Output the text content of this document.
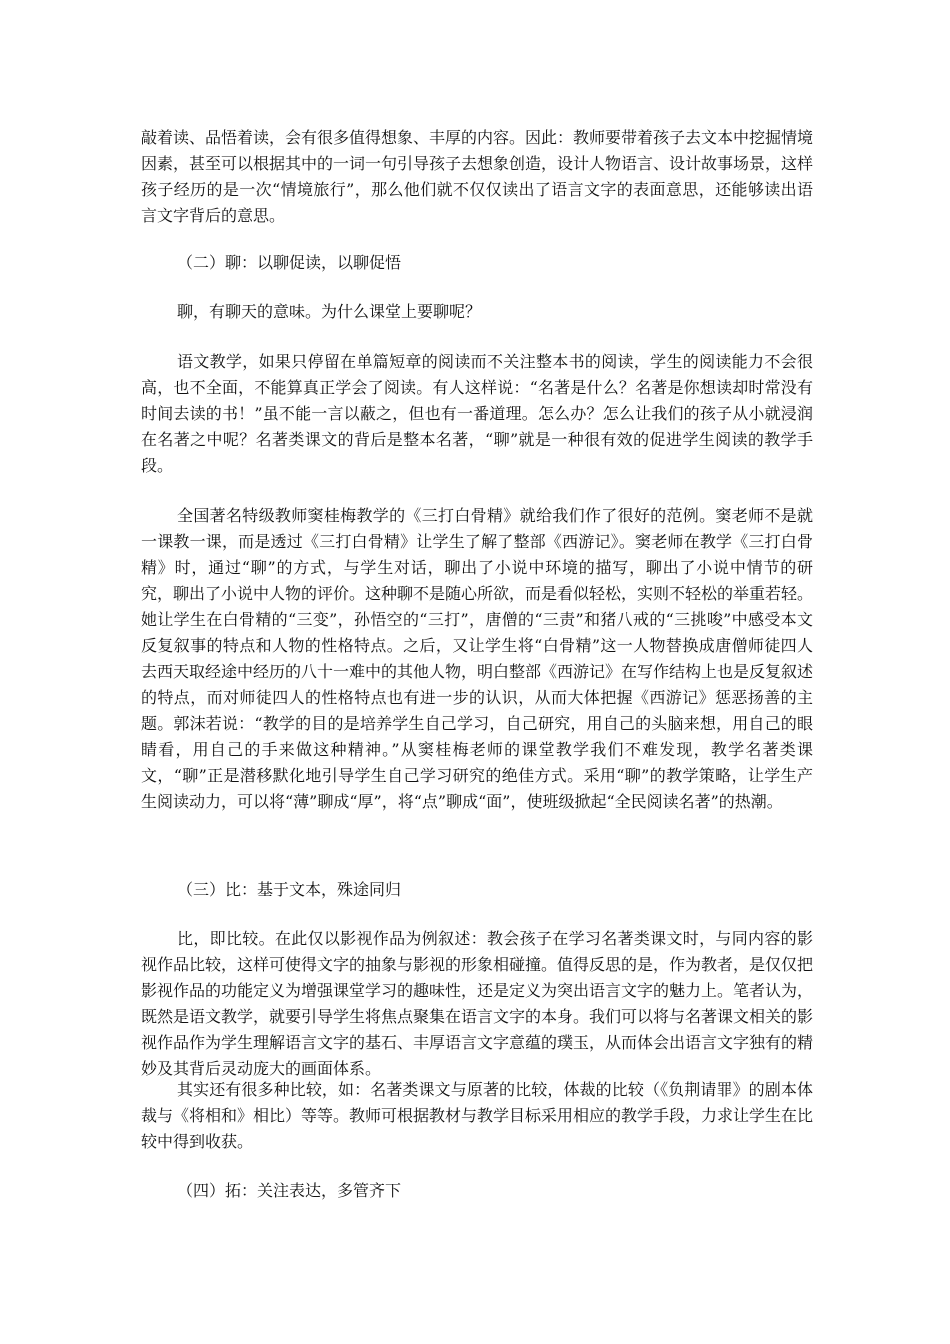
敲着读、品悟着读，会有很多值得想象、丰厚的内容。因此：教师要带着孩子去文本中挖掘情境因素，甚至可以根据其中的一词一句引导孩子去想象创造，设计人物语言、设计故事场景，这样孩子经历的是一次“情境旅行”，那么他们就不仅仅读出了语言文字的表面意思，还能够读出语言文字背后的意思。

（二）聊：以聊促读，以聊促悟

聊，有聊天的意味。为什么课堂上要聊呢？

语文教学，如果只停留在单篇短章的阅读而不关注整本书的阅读，学生的阅读能力不会很高，也不全面，不能算真正学会了阅读。有人这样说：“名著是什么？名著是你想读却时常没有时间去读的书！”虽不能一言以蔽之，但也有一番道理。怎么办？怎么让我们的孩子从小就浸润在名著之中呢？名著类课文的背后是整本名著，“聊”就是一种很有效的促进学生阅读的教学手段。

全国著名特级教师窦桂梅教学的《三打白骨精》就给我们作了很好的范例。窦老师不是就一课教一课，而是透过《三打白骨精》让学生了解了整部《西游记》。窦老师在教学《三打白骨精》时，通过“聊”的方式，与学生对话，聊出了小说中环境的描写，聊出了小说中情节的研究，聊出了小说中人物的评价。这种聊不是随心所欲，而是看似轻松，实则不轻松的举重若轻。她让学生在白骨精的“三变”，孙悟空的“三打”，唐僧的“三责”和猪八戒的“三挑唆”中感受本文反复叙事的特点和人物的性格特点。之后，又让学生将“白骨精”这一人物替换成唐僧师徒四人去西天取经途中经历的八十一难中的其他人物，明白整部《西游记》在写作结构上也是反复叙述的特点，而对师徒四人的性格特点也有进一步的认识，从而大体把握《西游记》惩恶扬善的主题。郭沫若说：“教学的目的是培养学生自己学习，自己研究，用自己的头脑来想，用自己的眼睛看，用自己的手来做这种精神。”从窦桂梅老师的课堂教学我们不难发现，教学名著类课文，“聊”正是潜移默化地引导学生自己学习研究的绝佳方式。采用“聊”的教学策略，让学生产生阅读动力，可以将“薄”聊成“厚”，将“点”聊成“面”，使班级掀起“全民阅读名著”的热潮。

（三）比：基于文本，殊途同归

比，即比较。在此仅以影视作品为例叙述：教会孩子在学习名著类课文时，与同内容的影视作品比较，这样可使得文字的抽象与影视的形象相碰撞。值得反思的是，作为教者，是仅仅把影视作品的功能定义为增强课堂学习的趣味性，还是定义为突出语言文字的魅力上。笔者认为，既然是语文教学，就要引导学生将焦点聚集在语言文字的本身。我们可以将与名著课文相关的影视作品作为学生理解语言文字的基石、丰厚语言文字意蕴的璞玉，从而体会出语言文字独有的精妙及其背后灵动庞大的画面体系。

其实还有很多种比较，如：名著类课文与原著的比较，体裁的比较（《负荆请罪》的剧本体裁与《将相和》相比）等等。教师可根据教材与教学目标采用相应的教学手段，力求让学生在比较中得到收获。

（四）拓：关注表达，多管齐下
